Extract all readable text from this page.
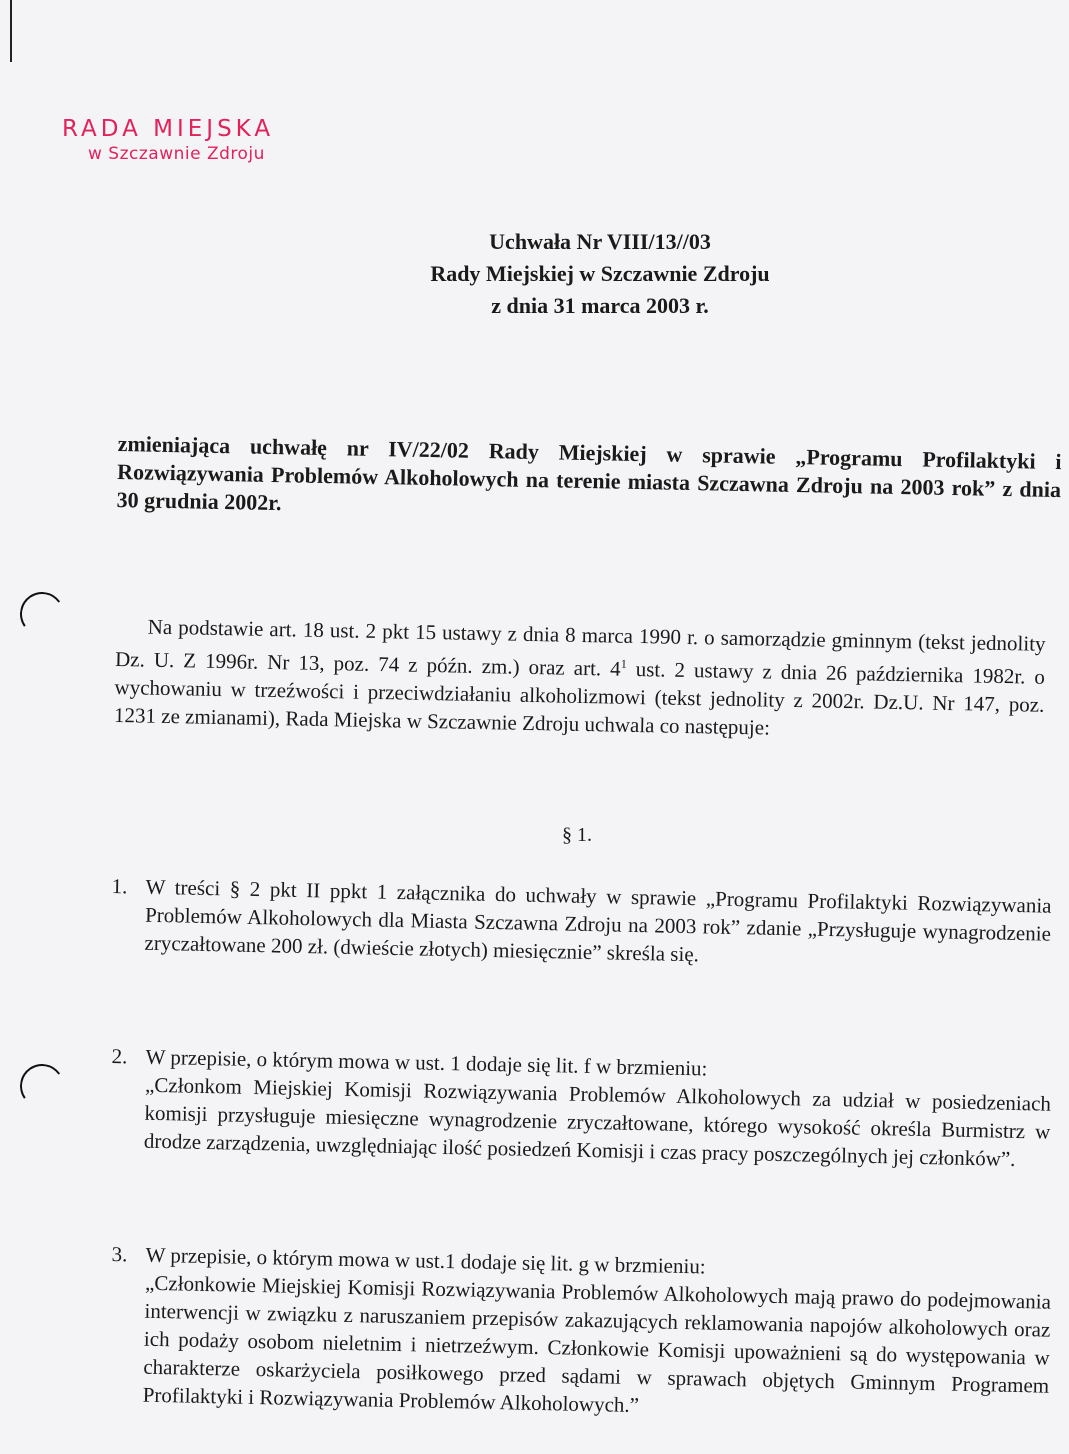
RADA MIEJSKA
w Szczawnie Zdroju
Uchwała Nr VIII/13//03
Rady Miejskiej w Szczawnie Zdroju
z dnia 31 marca 2003 r.
zmieniająca uchwałę nr IV/22/02 Rady Miejskiej w sprawie „Programu Profilaktyki i Rozwiązywania Problemów Alkoholowych na terenie miasta Szczawna Zdroju na 2003 rok” z dnia 30 grudnia 2002r.
Na podstawie art. 18 ust. 2 pkt 15 ustawy z dnia 8 marca 1990 r. o samorządzie gminnym (tekst jednolity Dz. U. Z 1996r. Nr 13, poz. 74 z późn. zm.) oraz art. $4^1$ ust. 2 ustawy z dnia 26 października 1982r. o wychowaniu w trzeźwości i przeciwdziałaniu alkoholizmowi (tekst jednolity z 2002r. Dz.U. Nr 147, poz. 1231 ze zmianami), Rada Miejska w Szczawnie Zdroju uchwala co następuje:
§ 1.
1. W treści § 2 pkt II ppkt 1 załącznika do uchwały w sprawie „Programu Profilaktyki Rozwiązywania Problemów Alkoholowych dla Miasta Szczawna Zdroju na 2003 rok” zdanie „Przysługuje wynagrodzenie zryczałtowane 200 zł. (dwieście złotych) miesięcznie” skreśla się.
2. W przepisie, o którym mowa w ust. 1 dodaje się lit. f w brzmieniu:
„Członkom Miejskiej Komisji Rozwiązywania Problemów Alkoholowych za udział w posiedzeniach komisji przysługuje miesięczne wynagrodzenie zryczałtowane, którego wysokość określa Burmistrz w drodze zarządzenia, uwzględniając ilość posiedzeń Komisji i czas pracy poszczególnych jej członków”.
3. W przepisie, o którym mowa w ust.1 dodaje się lit. g w brzmieniu:
„Członkowie Miejskiej Komisji Rozwiązywania Problemów Alkoholowych mają prawo do podejmowania interwencji w związku z naruszaniem przepisów zakazujących reklamowania napojów alkoholowych oraz ich podaży osobom nieletnim i nietrzeźwym. Członkowie Komisji upoważnieni są do występowania w charakterze oskarżyciela posiłkowego przed sądami w sprawach objętych Gminnym Programem Profilaktyki i Rozwiązywania Problemów Alkoholowych.”
